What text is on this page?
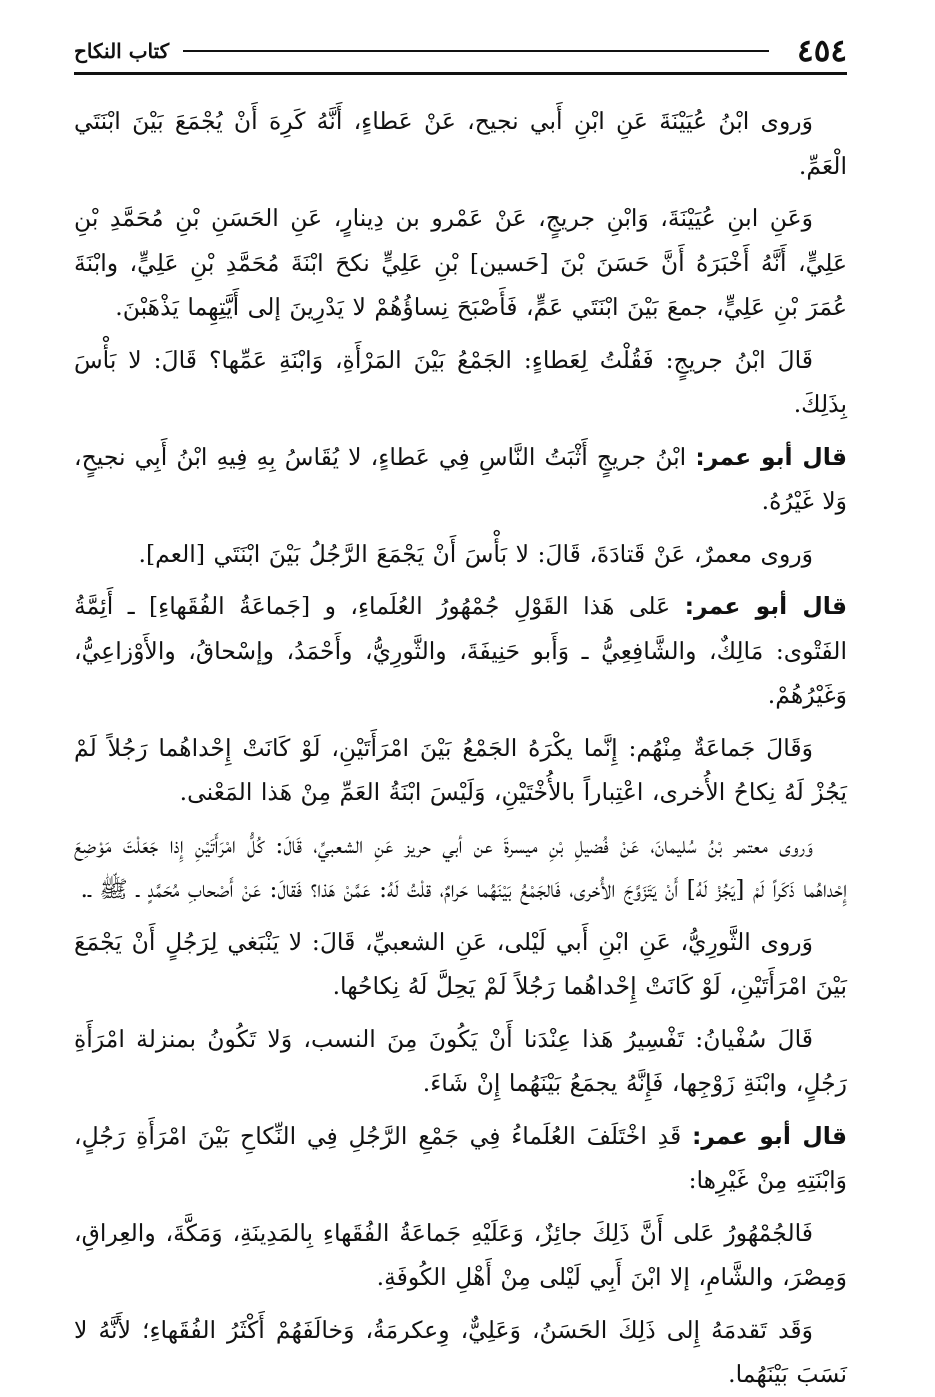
٤٥٤
كتاب النكاح

وَروى ابْنُ عُيَيْنَةَ عَنِ ابْنِ أَبي نجيح، عَنْ عَطاءٍ، أَنَّهُ كَرِهَ أَنْ يُجْمَعَ بَيْنَ ابْنَتَي الْعَمِّ.

وَعَنِ ابنِ عُيَيْنَةَ، وَابْنِ جريجٍ، عَنْ عَمْرو بن دِينارٍ، عَنِ الحَسَنِ بْنِ مُحَمَّدِ بْنِ عَلِيٍّ، أَنَّهُ أَخْبَرَهُ أَنَّ حَسَنَ بْنَ [حَسين] بْنِ عَلِيٍّ نكحَ ابْنَةَ مُحَمَّدِ بْنِ عَلِيٍّ، وابْنَةَ عُمَرَ بْنِ عَلِيٍّ، جمعَ بَيْنَ ابْنَتَي عَمٍّ، فَأَصْبَحَ نِساؤُهُمْ لا يَدْرِينَ إلى أَيَّتِهِما يَذْهَبْنَ.

قَالَ ابْنُ جريجٍ: فَقُلْتُ لِعَطاءٍ: الجَمْعُ بَيْنَ المَرْأَةِ، وَابْنَةِ عَمِّها؟ قَالَ: لا بَأْسَ بِذَلِكَ.

قال أبو عمر: ابْنُ جريجٍ أَثْبَتُ النَّاسِ فِي عَطاءٍ، لا يُقَاسُ بِهِ فِيهِ ابْنُ أَبِي نجيحٍ، وَلا غَيْرُهُ.

وَروى معمرٌ، عَنْ قَتادَةَ، قَالَ: لا بَأْسَ أَنْ يَجْمَعَ الرَّجُلُ بَيْنَ ابْنَتَي [العم].

قال أبو عمر: عَلى هَذا القَوْلِ جُمْهُورُ العُلَماءِ، و [جَماعَةُ الفُقَهاءِ] ـ أَئِمَّةُ الفَتْوى: مَالِكٌ، والشَّافِعِيُّ ـ وَأَبو حَنِيفَةَ، والثَّورِيُّ، وأَحْمَدُ، وإسْحاقُ، والأَوْزاعِيُّ، وَغَيْرُهُمْ.

وَقَالَ جَماعَةٌ مِنْهُم: إِنَّما يكْرَهُ الجَمْعُ بَيْنَ امْرَأَتَيْنِ، لَوْ كَانَتْ إِحْداهُما رَجُلاً لَمْ يَجُزْ لَهُ نِكاحُ الأُخرى، اعْتِباراً بالأُخْتَيْنِ، وَلَيْسَ ابْنَةُ العَمِّ مِنْ هَذا المَعْنى.

وَروى معتمر بْنُ سُليمانَ، عَنْ فُضيلِ بْنِ ميسرةَ عن أبي حريز عَنِ الشعبيِّ، قَالَ: كُلُّ امْرَأَتَيْنِ إِذا جَعَلْتَ مَوْضِعَ إِحْداهُما ذَكَراً لَمْ [يَجُزْ لَهُ] أَنْ يَتَزَوَّجَ الأُخرى، فَالجَمْعُ بَيْنَهُما حَرامٌ، قلْتُ لَهُ: عَمَّنْ هَذا؟ فَقالَ: عَنْ أَصْحابِ مُحَمَّدٍ ـ ﷺ ـ.

وَروى الثَّورِيُّ، عَنِ ابْنِ أَبي لَيْلى، عَنِ الشعبيِّ، قَالَ: لا يَنْبَغي لِرَجُلٍ أَنْ يَجْمَعَ بَيْنَ امْرَأَتَيْنِ، لَوْ كَانَتْ إِحْداهُما رَجُلاً لَمْ يَحِلَّ لَهُ نِكاحُها.

قَالَ سُفْيانُ: تَفْسِيرُ هَذا عِنْدَنا أَنْ يَكُونَ مِنَ النسب، وَلا تَكُونُ بمنزلة امْرَأَةِ رَجُلٍ، وابْنَةِ زَوْجِها، فَإِنَّهُ يجمَعُ بَيْنَهُما إِنْ شَاءَ.

قال أبو عمر: قَدِ اخْتَلَفَ العُلَماءُ فِي جَمْعِ الرَّجُلِ فِي النِّكاحِ بَيْنَ امْرَأَةِ رَجُلٍ، وَابْنَتِهِ مِنْ غَيْرِها:

فَالجُمْهُورُ عَلى أَنَّ ذَلِكَ جائِزٌ، وَعَلَيْهِ جَماعَةُ الفُقَهاءِ بِالمَدِينَةِ، وَمَكَّةَ، والعِراقِ، وَمِصْرَ، والشَّامِ، إلا ابْنَ أَبِي لَيْلى مِنْ أَهْلِ الكُوفَةِ.

وَقَد تَقدمَهُ إِلى ذَلِكَ الحَسَنُ، وَعَلِيٌّ، وِعكرمَةُ، وَخالَفَهُمْ أَكْثَرُ الفُقَهاءِ؛ لأَنَّهُ لا نَسَبَ بَيْنَهُما.
